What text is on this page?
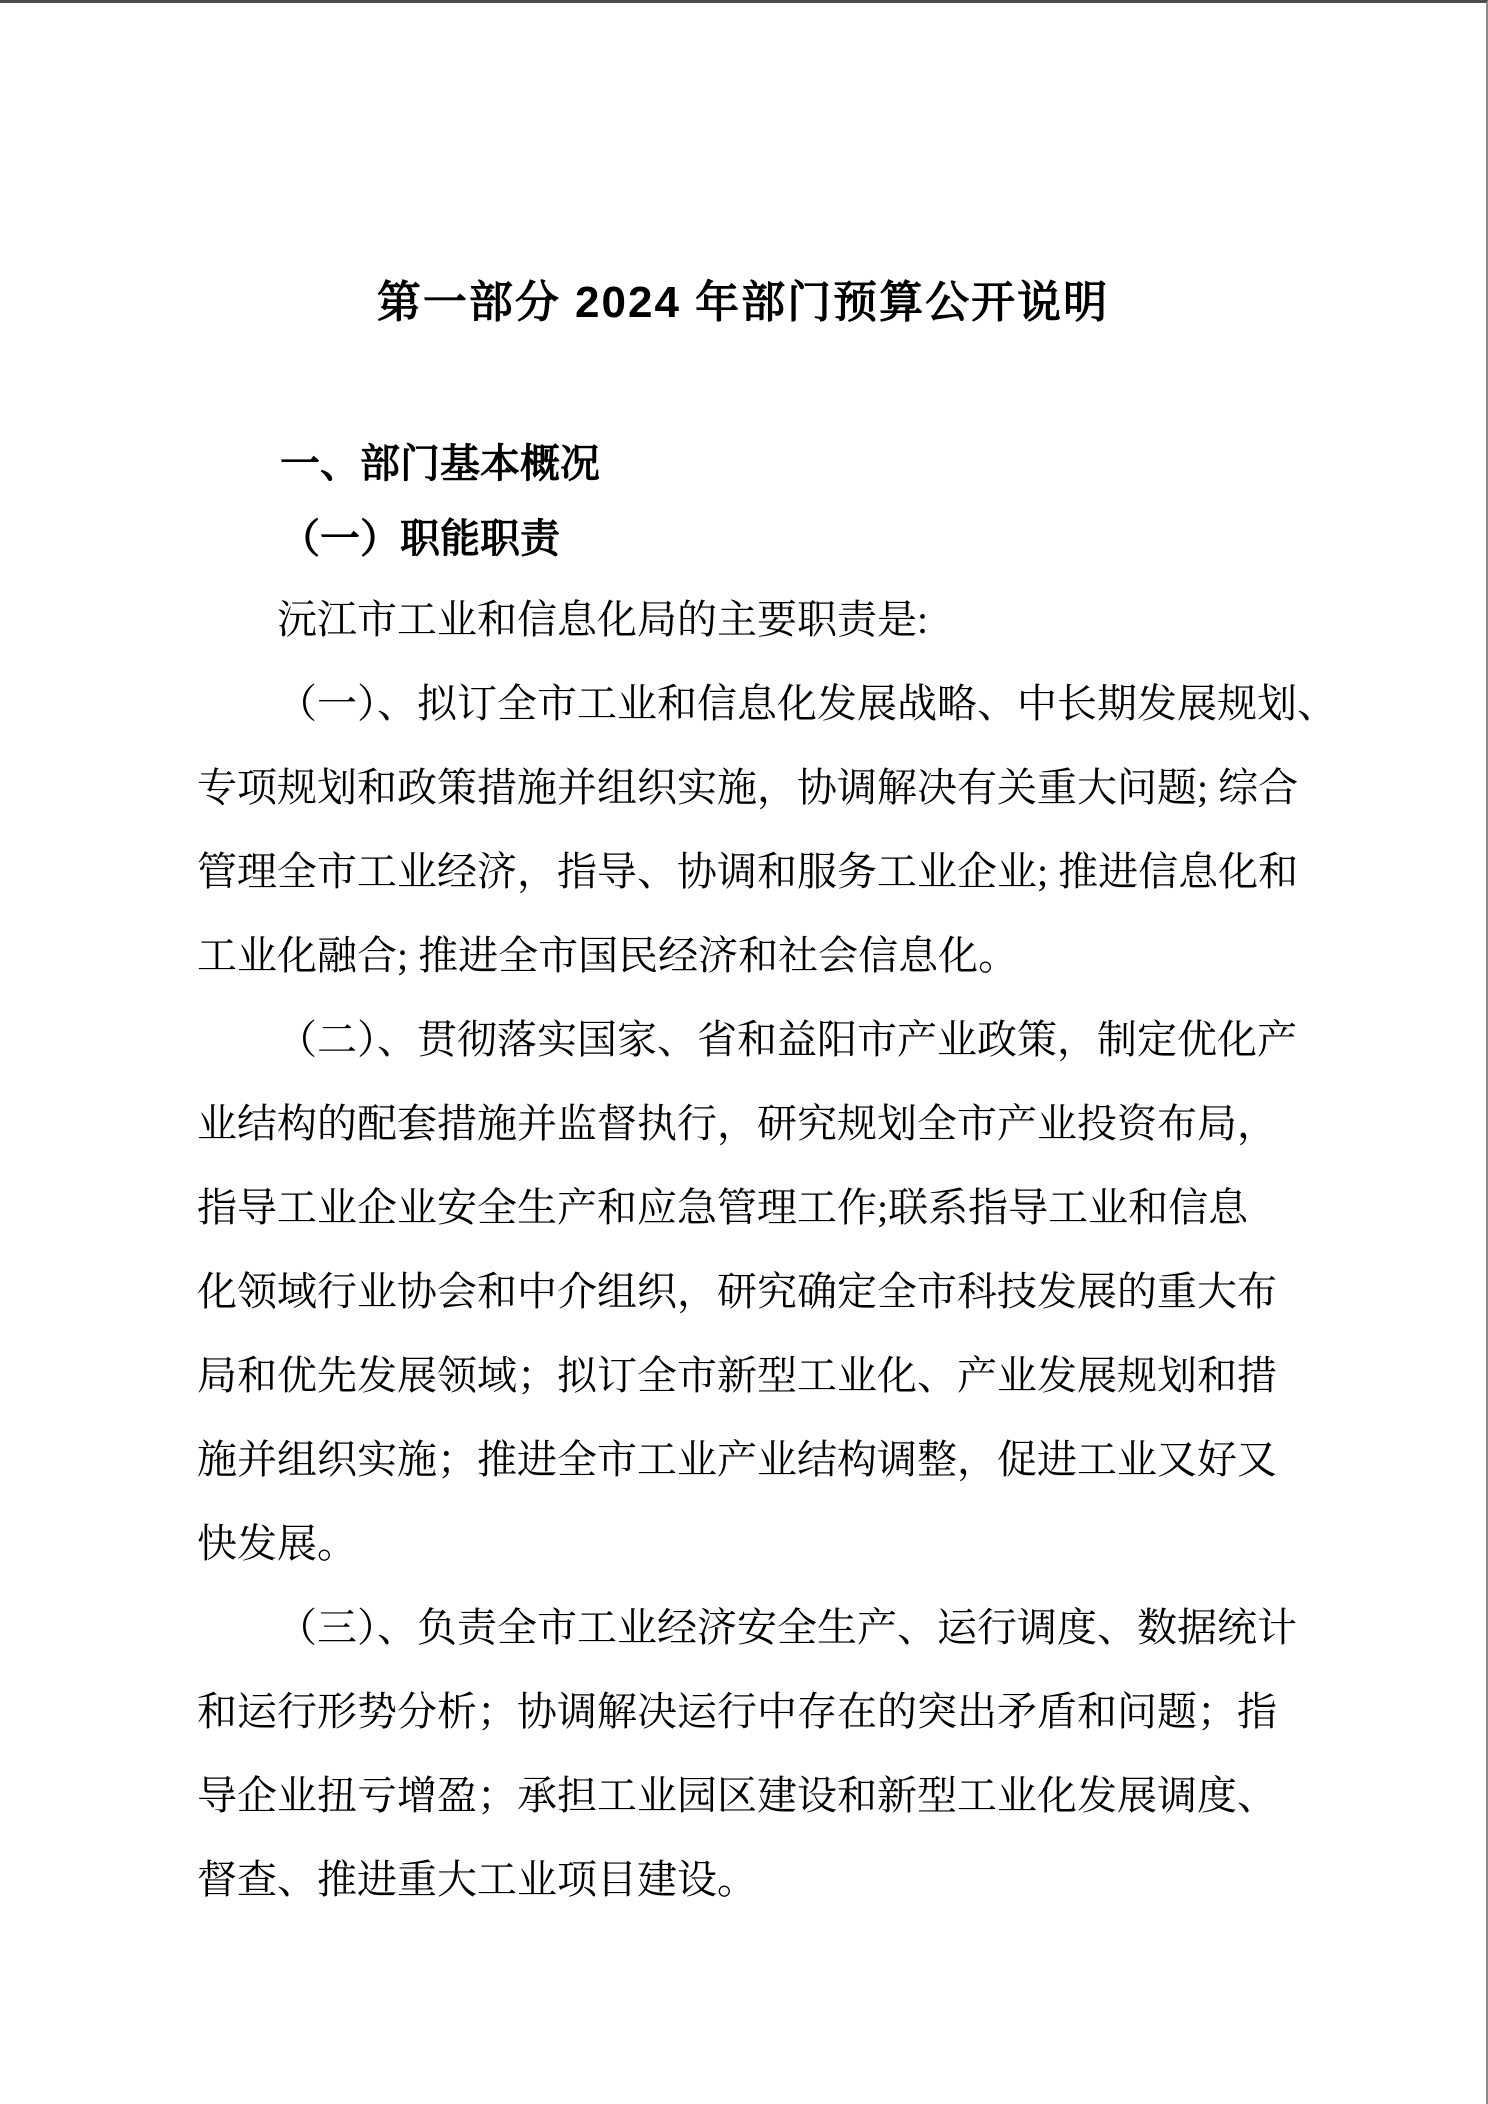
第一部分 2024 年部门预算公开说明
一、部门基本概况
（一）职能职责
沅江市工业和信息化局的主要职责是:
（一）、拟订全市工业和信息化发展战略、中长期发展规划、
专项规划和政策措施并组织实施，协调解决有关重大问题; 综合
管理全市工业经济，指导、协调和服务工业企业; 推进信息化和
工业化融合; 推进全市国民经济和社会信息化。
（二）、贯彻落实国家、省和益阳市产业政策，制定优化产
业结构的配套措施并监督执行，研究规划全市产业投资布局，
指导工业企业安全生产和应急管理工作;联系指导工业和信息
化领域行业协会和中介组织，研究确定全市科技发展的重大布
局和优先发展领域；拟订全市新型工业化、产业发展规划和措
施并组织实施；推进全市工业产业结构调整，促进工业又好又
快发展。
（三）、负责全市工业经济安全生产、运行调度、数据统计
和运行形势分析；协调解决运行中存在的突出矛盾和问题；指
导企业扭亏增盈；承担工业园区建设和新型工业化发展调度、
督查、推进重大工业项目建设。
